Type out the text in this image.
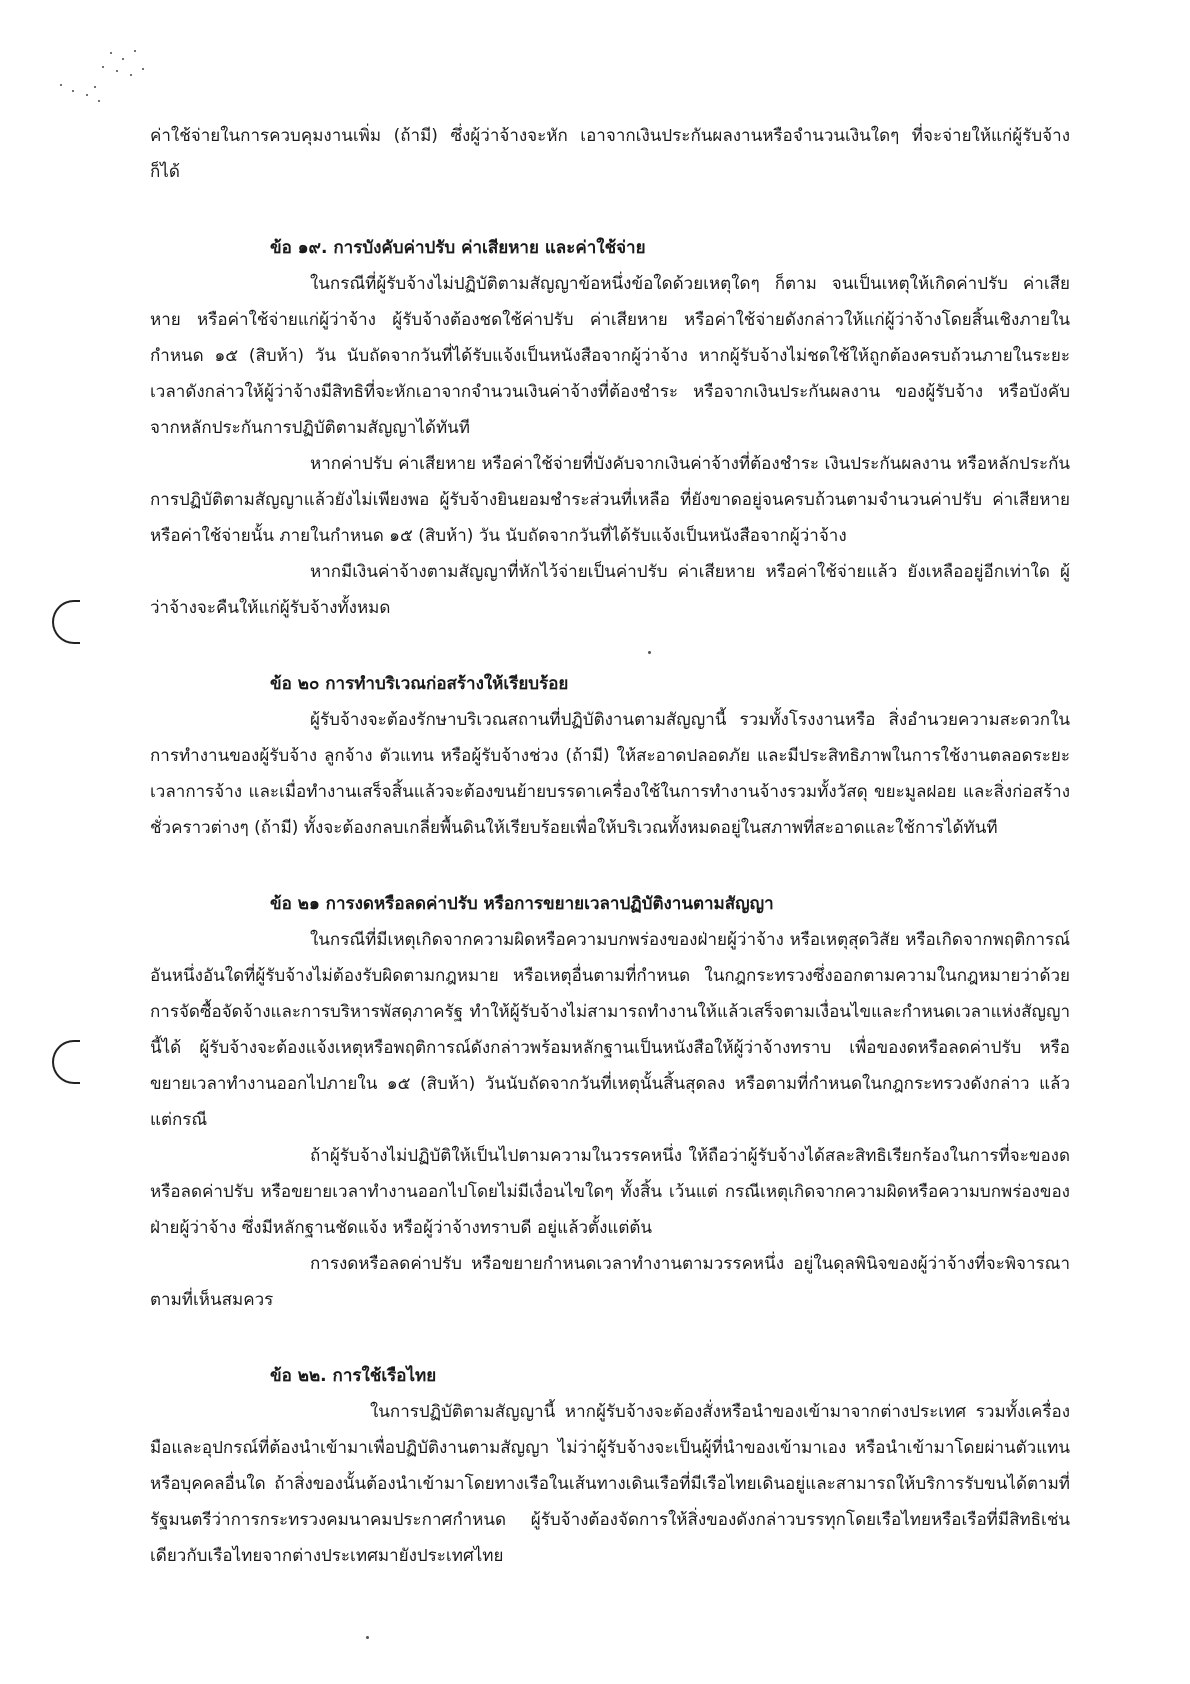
ค่าใช้จ่ายในการควบคุมงานเพิ่ม (ถ้ามี) ซึ่งผู้ว่าจ้างจะหัก เอาจากเงินประกันผลงานหรือจำนวนเงินใดๆ ที่จะจ่ายให้แก่ผู้รับจ้างก็ได้

ข้อ ๑๙. การบังคับค่าปรับ ค่าเสียหาย และค่าใช้จ่าย

ในกรณีที่ผู้รับจ้างไม่ปฏิบัติตามสัญญาข้อหนึ่งข้อใดด้วยเหตุใดๆ ก็ตาม จนเป็นเหตุให้เกิดค่าปรับ ค่าเสียหาย หรือค่าใช้จ่ายแก่ผู้ว่าจ้าง ผู้รับจ้างต้องชดใช้ค่าปรับ ค่าเสียหาย หรือค่าใช้จ่ายดังกล่าวให้แก่ผู้ว่าจ้างโดยสิ้นเชิงภายในกำหนด ๑๕ (สิบห้า) วัน นับถัดจากวันที่ได้รับแจ้งเป็นหนังสือจากผู้ว่าจ้าง หากผู้รับจ้างไม่ชดใช้ให้ถูกต้องครบถ้วนภายในระยะเวลาดังกล่าวให้ผู้ว่าจ้างมีสิทธิที่จะหักเอาจากจำนวนเงินค่าจ้างที่ต้องชำระ หรือจากเงินประกันผลงาน ของผู้รับจ้าง หรือบังคับจากหลักประกันการปฏิบัติตามสัญญาได้ทันที

หากค่าปรับ ค่าเสียหาย หรือค่าใช้จ่ายที่บังคับจากเงินค่าจ้างที่ต้องชำระ เงินประกันผลงาน หรือหลักประกันการปฏิบัติตามสัญญาแล้วยังไม่เพียงพอ ผู้รับจ้างยินยอมชำระส่วนที่เหลือ ที่ยังขาดอยู่จนครบถ้วนตามจำนวนค่าปรับ ค่าเสียหาย หรือค่าใช้จ่ายนั้น ภายในกำหนด ๑๕ (สิบห้า) วัน นับถัดจากวันที่ได้รับแจ้งเป็นหนังสือจากผู้ว่าจ้าง

หากมีเงินค่าจ้างตามสัญญาที่หักไว้จ่ายเป็นค่าปรับ ค่าเสียหาย หรือค่าใช้จ่ายแล้ว ยังเหลืออยู่อีกเท่าใด ผู้ว่าจ้างจะคืนให้แก่ผู้รับจ้างทั้งหมด

ข้อ ๒๐ การทำบริเวณก่อสร้างให้เรียบร้อย

ผู้รับจ้างจะต้องรักษาบริเวณสถานที่ปฏิบัติงานตามสัญญานี้ รวมทั้งโรงงานหรือ สิ่งอำนวยความสะดวกในการทำงานของผู้รับจ้าง ลูกจ้าง ตัวแทน หรือผู้รับจ้างช่วง (ถ้ามี) ให้สะอาดปลอดภัย และมีประสิทธิภาพในการใช้งานตลอดระยะเวลาการจ้าง และเมื่อทำงานเสร็จสิ้นแล้วจะต้องขนย้ายบรรดาเครื่องใช้ในการทำงานจ้างรวมทั้งวัสดุ ขยะมูลฝอย และสิ่งก่อสร้างชั่วคราวต่างๆ (ถ้ามี) ทั้งจะต้องกลบเกลี่ยพื้นดินให้เรียบร้อยเพื่อให้บริเวณทั้งหมดอยู่ในสภาพที่สะอาดและใช้การได้ทันที

ข้อ ๒๑ การงดหรือลดค่าปรับ หรือการขยายเวลาปฏิบัติงานตามสัญญา

ในกรณีที่มีเหตุเกิดจากความผิดหรือความบกพร่องของฝ่ายผู้ว่าจ้าง หรือเหตุสุดวิสัย หรือเกิดจากพฤติการณ์อันหนึ่งอันใดที่ผู้รับจ้างไม่ต้องรับผิดตามกฎหมาย หรือเหตุอื่นตามที่กำหนด ในกฎกระทรวงซึ่งออกตามความในกฎหมายว่าด้วยการจัดซื้อจัดจ้างและการบริหารพัสดุภาครัฐ ทำให้ผู้รับจ้างไม่สามารถทำงานให้แล้วเสร็จตามเงื่อนไขและกำหนดเวลาแห่งสัญญานี้ได้ ผู้รับจ้างจะต้องแจ้งเหตุหรือพฤติการณ์ดังกล่าวพร้อมหลักฐานเป็นหนังสือให้ผู้ว่าจ้างทราบ เพื่อของดหรือลดค่าปรับ หรือขยายเวลาทำงานออกไปภายใน ๑๕ (สิบห้า) วันนับถัดจากวันที่เหตุนั้นสิ้นสุดลง หรือตามที่กำหนดในกฎกระทรวงดังกล่าว แล้วแต่กรณี

ถ้าผู้รับจ้างไม่ปฏิบัติให้เป็นไปตามความในวรรคหนึ่ง ให้ถือว่าผู้รับจ้างได้สละสิทธิเรียกร้องในการที่จะของดหรือลดค่าปรับ หรือขยายเวลาทำงานออกไปโดยไม่มีเงื่อนไขใดๆ ทั้งสิ้น เว้นแต่ กรณีเหตุเกิดจากความผิดหรือความบกพร่องของฝ่ายผู้ว่าจ้าง ซึ่งมีหลักฐานชัดแจ้ง หรือผู้ว่าจ้างทราบดี อยู่แล้วตั้งแต่ต้น

การงดหรือลดค่าปรับ หรือขยายกำหนดเวลาทำงานตามวรรคหนึ่ง อยู่ในดุลพินิจของผู้ว่าจ้างที่จะพิจารณาตามที่เห็นสมควร

ข้อ ๒๒. การใช้เรือไทย

ในการปฏิบัติตามสัญญานี้ หากผู้รับจ้างจะต้องสั่งหรือนำของเข้ามาจากต่างประเทศ รวมทั้งเครื่องมือและอุปกรณ์ที่ต้องนำเข้ามาเพื่อปฏิบัติงานตามสัญญา ไม่ว่าผู้รับจ้างจะเป็นผู้ที่นำของเข้ามาเอง หรือนำเข้ามาโดยผ่านตัวแทนหรือบุคคลอื่นใด ถ้าสิ่งของนั้นต้องนำเข้ามาโดยทางเรือในเส้นทางเดินเรือที่มีเรือไทยเดินอยู่และสามารถให้บริการรับขนได้ตามที่รัฐมนตรีว่าการกระทรวงคมนาคมประกาศกำหนด ผู้รับจ้างต้องจัดการให้สิ่งของดังกล่าวบรรทุกโดยเรือไทยหรือเรือที่มีสิทธิเช่นเดียวกับเรือไทยจากต่างประเทศมายังประเทศไทย
